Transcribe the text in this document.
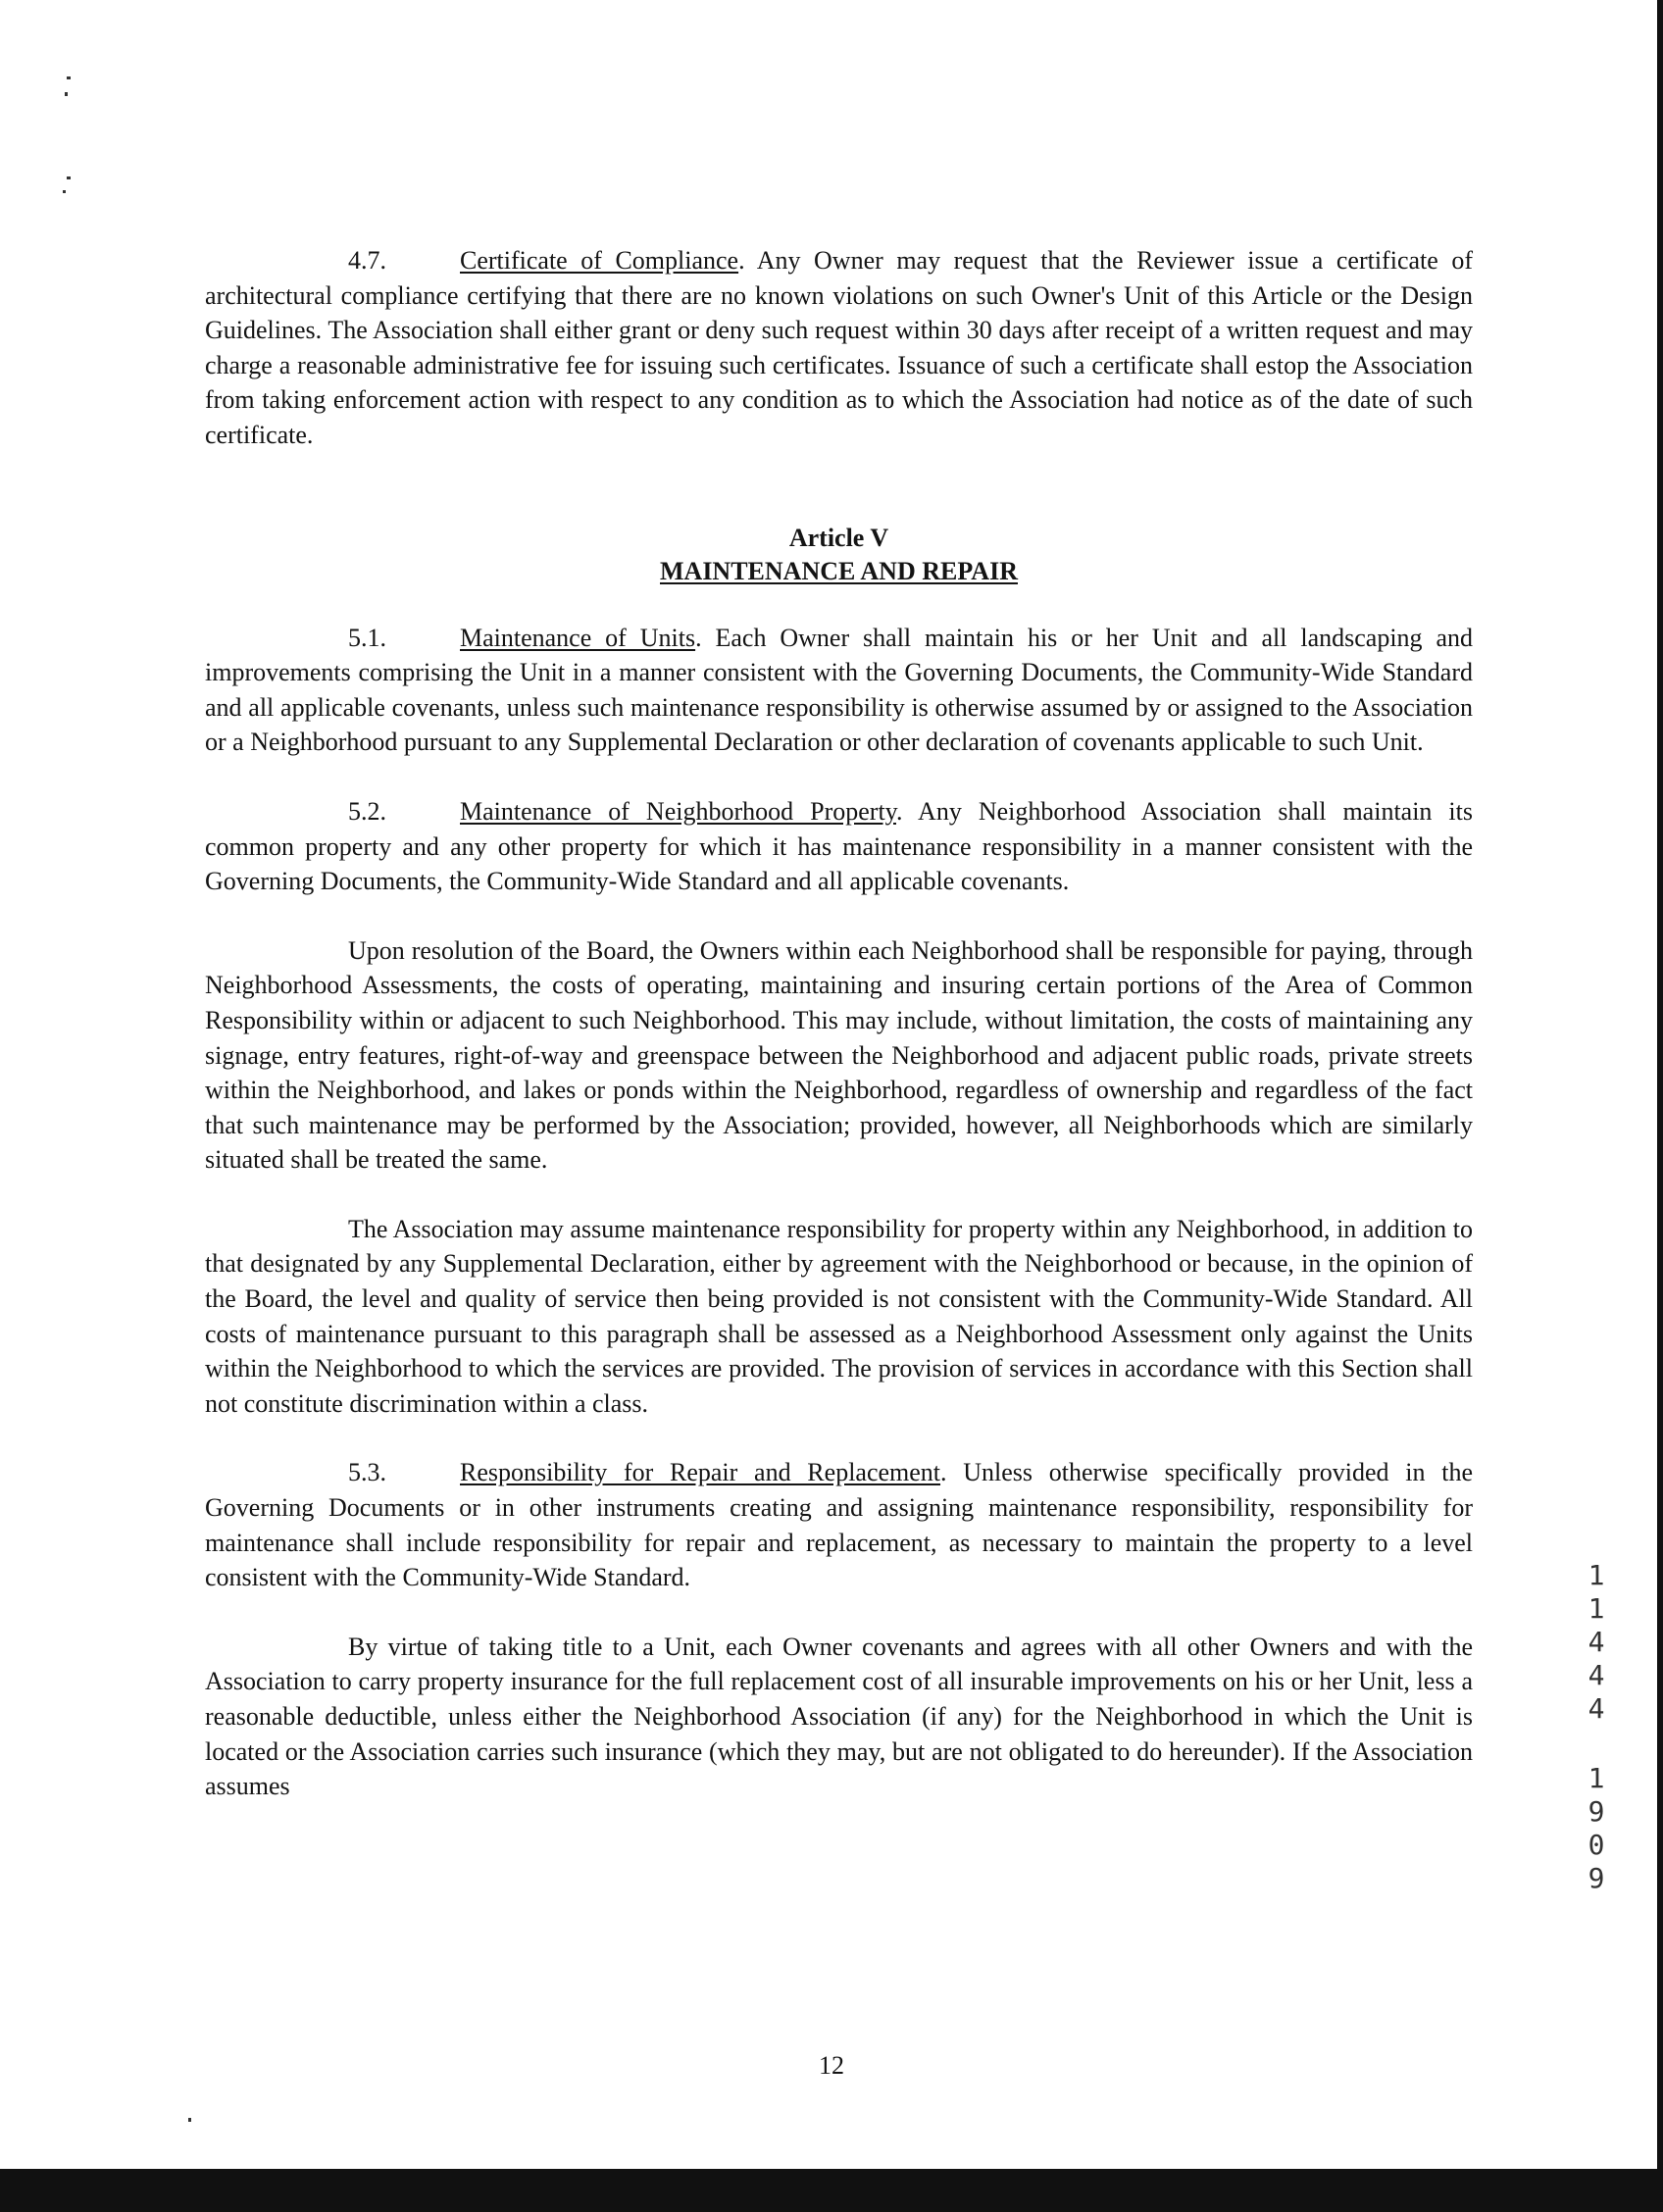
4.7.	Certificate of Compliance. Any Owner may request that the Reviewer issue a certificate of architectural compliance certifying that there are no known violations on such Owner's Unit of this Article or the Design Guidelines. The Association shall either grant or deny such request within 30 days after receipt of a written request and may charge a reasonable administrative fee for issuing such certificates. Issuance of such a certificate shall estop the Association from taking enforcement action with respect to any condition as to which the Association had notice as of the date of such certificate.

Article V
MAINTENANCE AND REPAIR

5.1.	Maintenance of Units. Each Owner shall maintain his or her Unit and all landscaping and improvements comprising the Unit in a manner consistent with the Governing Documents, the Community-Wide Standard and all applicable covenants, unless such maintenance responsibility is otherwise assumed by or assigned to the Association or a Neighborhood pursuant to any Supplemental Declaration or other declaration of covenants applicable to such Unit.

5.2.	Maintenance of Neighborhood Property. Any Neighborhood Association shall maintain its common property and any other property for which it has maintenance responsibility in a manner consistent with the Governing Documents, the Community-Wide Standard and all applicable covenants.

Upon resolution of the Board, the Owners within each Neighborhood shall be responsible for paying, through Neighborhood Assessments, the costs of operating, maintaining and insuring certain portions of the Area of Common Responsibility within or adjacent to such Neighborhood. This may include, without limitation, the costs of maintaining any signage, entry features, right-of-way and greenspace between the Neighborhood and adjacent public roads, private streets within the Neighborhood, and lakes or ponds within the Neighborhood, regardless of ownership and regardless of the fact that such maintenance may be performed by the Association; provided, however, all Neighborhoods which are similarly situated shall be treated the same.

The Association may assume maintenance responsibility for property within any Neighborhood, in addition to that designated by any Supplemental Declaration, either by agreement with the Neighborhood or because, in the opinion of the Board, the level and quality of service then being provided is not consistent with the Community-Wide Standard. All costs of maintenance pursuant to this paragraph shall be assessed as a Neighborhood Assessment only against the Units within the Neighborhood to which the services are provided. The provision of services in accordance with this Section shall not constitute discrimination within a class.

5.3.	Responsibility for Repair and Replacement. Unless otherwise specifically provided in the Governing Documents or in other instruments creating and assigning maintenance responsibility, responsibility for maintenance shall include responsibility for repair and replacement, as necessary to maintain the property to a level consistent with the Community-Wide Standard.

By virtue of taking title to a Unit, each Owner covenants and agrees with all other Owners and with the Association to carry property insurance for the full replacement cost of all insurable improvements on his or her Unit, less a reasonable deductible, unless either the Neighborhood Association (if any) for the Neighborhood in which the Unit is located or the Association carries such insurance (which they may, but are not obligated to do hereunder). If the Association assumes

12
1
1
4
4
4
1
9
0
9
